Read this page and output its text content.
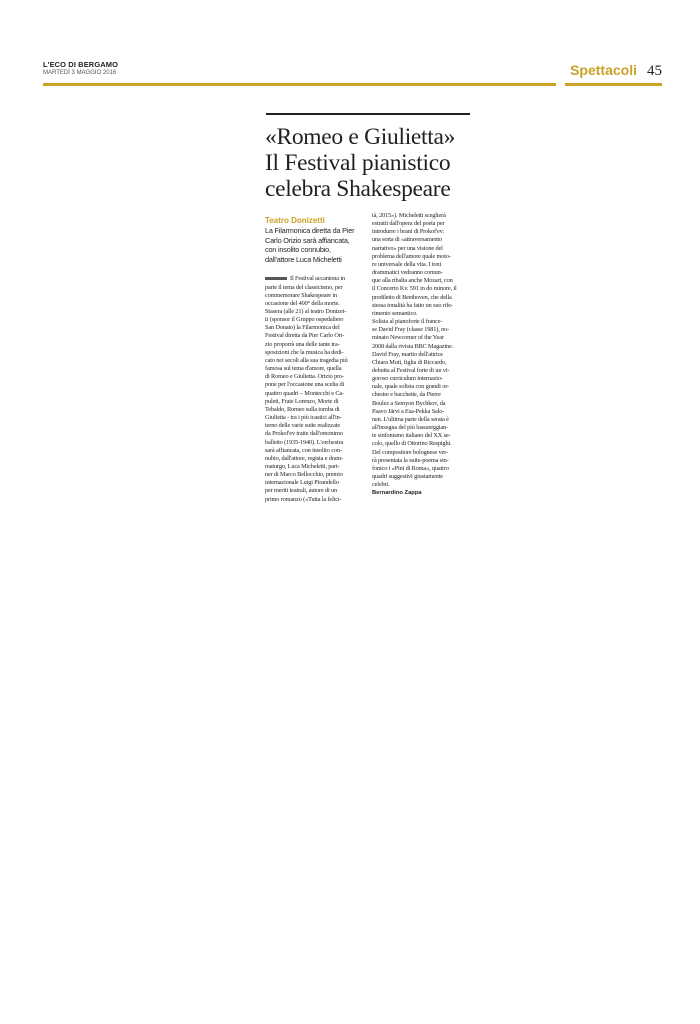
L'ECO DI BERGAMO
MARTEDÌ 3 MAGGIO 2016	Spettacoli 45
«Romeo e Giulietta»
Il Festival pianistico
celebra Shakespeare
Teatro Donizetti
La Filarmonica diretta da Pier
Carlo Orizio sarà affiancata,
con insolito connubio,
dall'attore Luca Micheletti
Il Festival accantona in
parte il tema del classicismo, per
commemorare Shakespeare in
occasione del 400° della morte.
Stasera (alle 21) al teatro Donizet-
ti (sponsor il Gruppo ospedaliero
San Donato) la Filarmonica del
Festival diretta da Pier Carlo Ori-
zio proporrà una delle tante tra-
sposizioni che la musica ha dedi-
cato nei secoli alla sua tragedia più
famosa sul tema d'amore, quella
di Romeo e Giulietta. Orizio pro-
pone per l'occasione una scelta di
quattro quadri – Montecchi e Ca-
puleti, Frate Lorenzo, Morte di
Tebaldo, Romeo sulla tomba di
Giulietta - tra i più icastici all'in-
terno delle varie suite realizzate
da Prokof'ev tratte dall'omonimo
balletto (1935-1940). L'orchestra
sarà affiancata, con insolito con-
nubio, dall'attore, regista e dram-
maturgo, Luca Micheletti, part-
ner di Marco Bellocchio, premio
internazionale Luigi Pirandello
per meriti teatrali, autore di un
primo romanzo («Tutta la felici-
tà, 2015»). Micheletti sceglierà
estratti dall'opera del poeta per
introdurre i brani di Prokof'ev:
una sorta di «attraversamento
narrativo» per una visione del
problema dell'amore quale moto-
re universale della vita. I toni
drammatici vedranno comun-
que alla ribalta anche Mozart, con
il Concerto Kv. 591 in do minore, il
prediletto di Beethoven, che della
stessa tonalità ha fatto un suo rife-
rimento semantico.
Solista al pianoforte il france-
se David Fray (classe 1981), no-
minato Newcomer of the Year
2008 dalla rivista BBC Magazine.
David Fray, marito dell'attrice
Chiara Muti, figlia di Riccardo,
debutta al Festival forte di un vi-
goroso curriculum internazio-
nale, quale solista con grandi or-
chestre e bacchette, da Pierre
Boulez a Semyon Bychkov, da
Paavo Järvi a Esa-Pekka Salo-
nen. L'ultima parte della serata è
all'insegna del più lussureggian-
te sinfonismo italiano del XX se-
colo, quello di Ottorino Respighi.
Del compositore bolognese ver-
rà presentata la suite-poema sin-
fonico i «Pini di Roma», quattro
quadri suggestivi giustamente
celebri.
Bernardino Zappa
